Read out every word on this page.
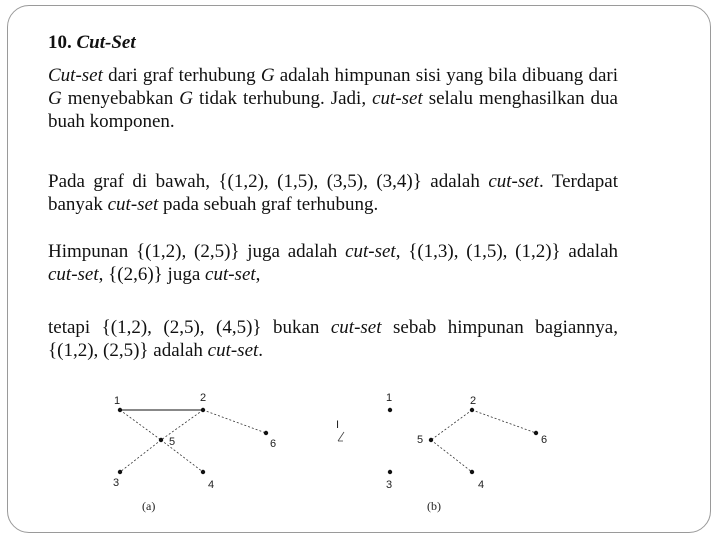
10. Cut-Set

Cut-set dari graf terhubung G adalah himpunan sisi yang bila dibuang dari G menyebabkan G tidak terhubung. Jadi, cut-set selalu menghasilkan dua buah komponen.

Pada graf di bawah, {(1,2), (1,5), (3,5), (3,4)} adalah cut-set. Terdapat banyak cut-set pada sebuah graf terhubung.

Himpunan {(1,2), (2,5)} juga adalah cut-set, {(1,3), (1,5), (1,2)} adalah cut-set, {(2,6)} juga cut-set,

tetapi {(1,2), (2,5), (4,5)} bukan cut-set sebab himpunan bagiannya, {(1,2), (2,5)} adalah cut-set.

1	2
5	6
3	4
(a)
I
1	2
5	6
3	4
(b)
